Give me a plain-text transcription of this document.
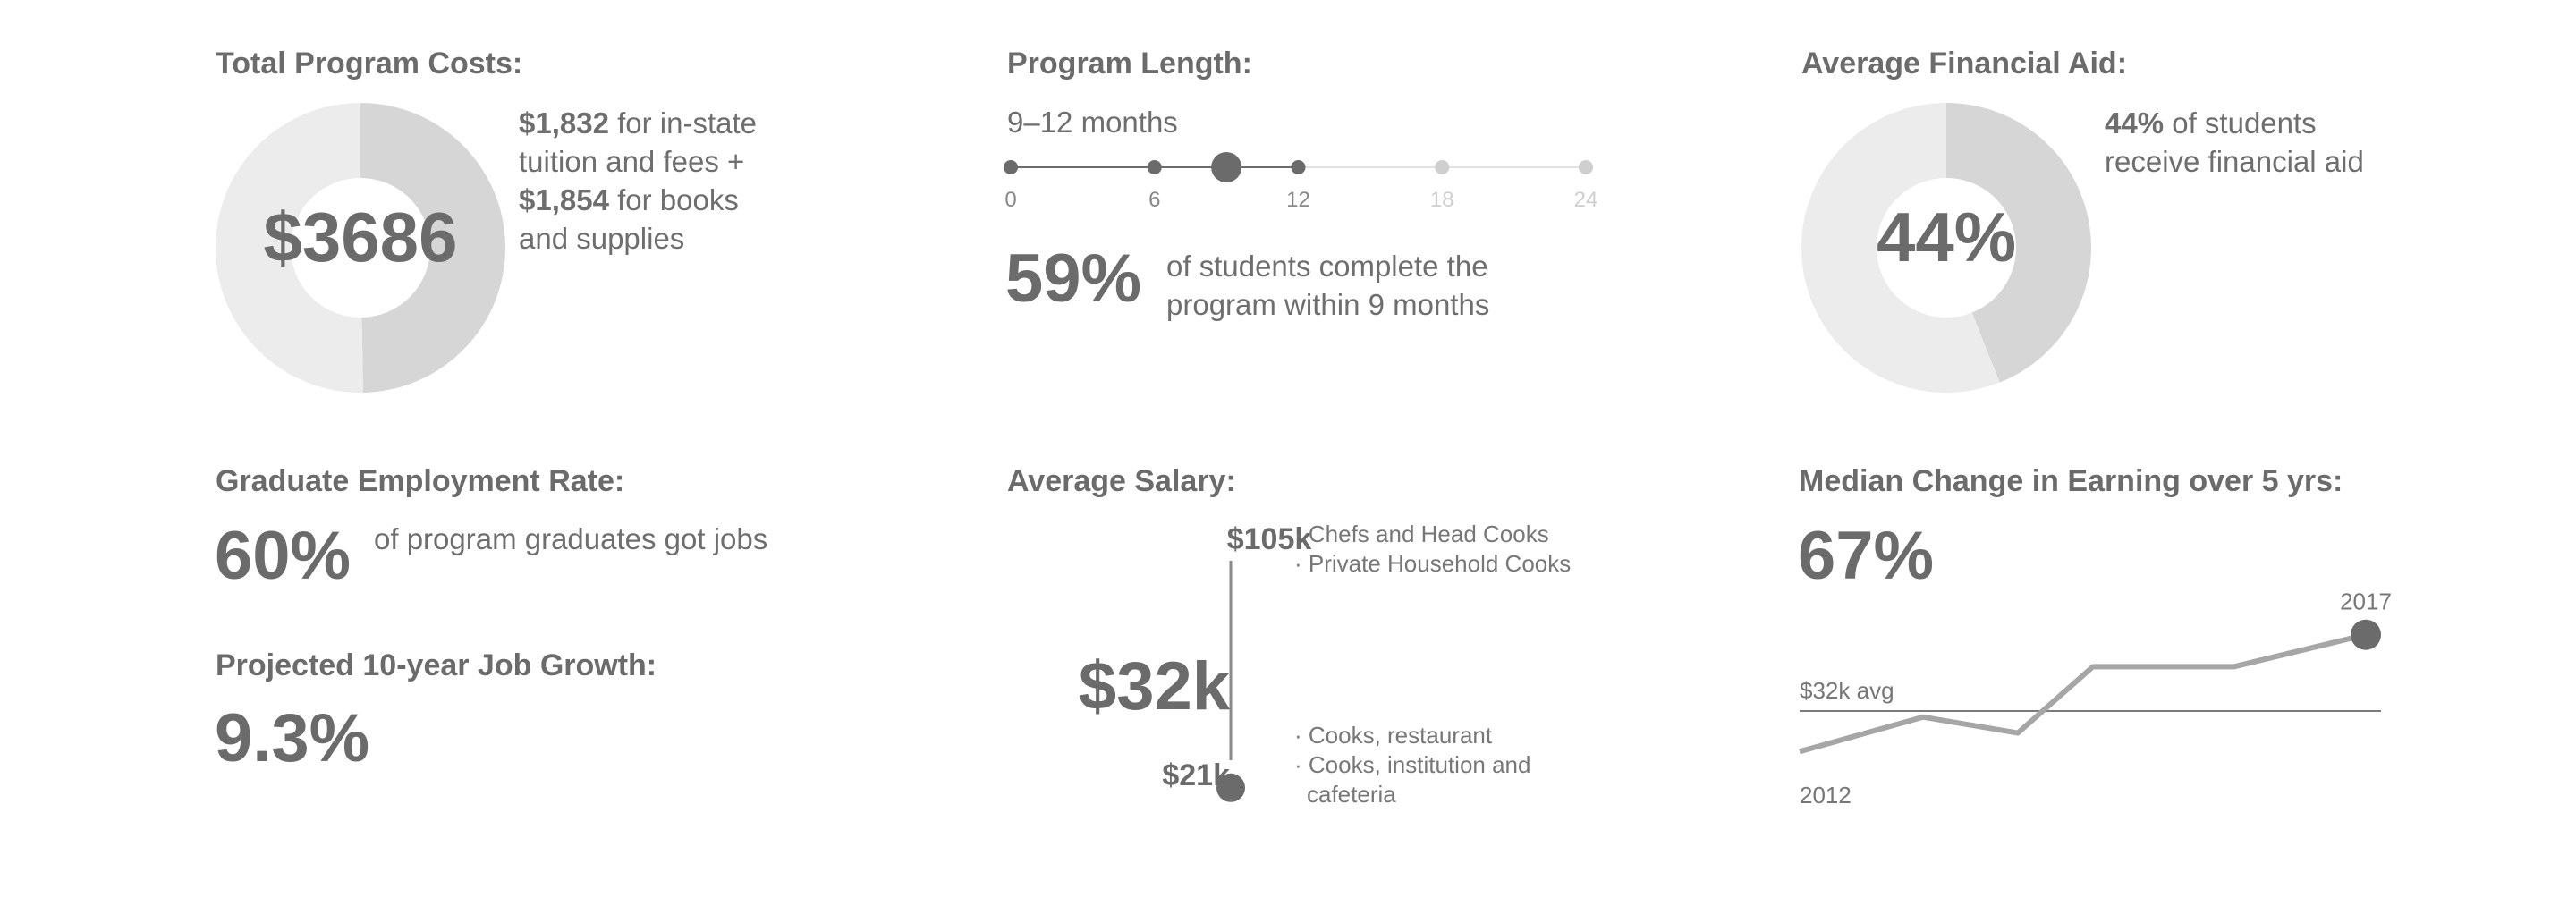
Total Program Costs:
$3686
$1,832 for in-state tuition and fees + $1,854 for books and supplies
Program Length:
9–12 months
0	6	12	18	24
59% of students complete the program within 9 months
Average Financial Aid:
44%
44% of students receive financial aid
Graduate Employment Rate:
60% of program graduates got jobs
Projected 10-year Job Growth:
9.3%
Average Salary:
$105k
$32k
$21k
· Chefs and Head Cooks
· Private Household Cooks
· Cooks, restaurant
· Cooks, institution and
cafeteria
Median Change in Earning over 5 yrs:
67%
$32k avg
2012
2017
